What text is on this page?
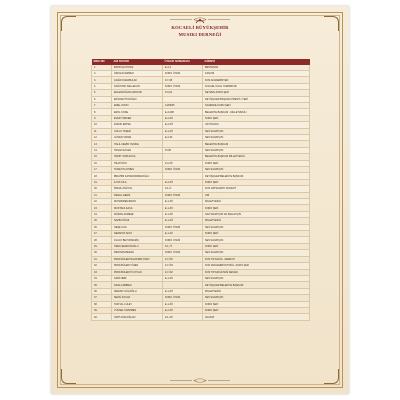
KOCAELİ BÜYÜKŞEHİR
MUSIKI DERNEĞİ
SIRA NO	ADI SOYADI	ÜYELİK NUMARASI	GÖREVİ
1.	BAHRİ ALTINTAŞ	E-2-4	BESTEKAR
2.	ÖZKALIN ERSEN	KORO ÜYESİ	KANUNİ
3.	ÇAĞRI KARABULAK	9-7-08	KOS AKADEMİSYEN
4.	DAĞISTAN KELLECAN	KORO ÜYESİ	KOCAELİ FAAL YARDIMCISI
5.	EKLEDDOĞAN MANTAR	9-3-02	NEYZEN-KORO ŞEFİ
6.	EKİNCEVİT DOĞAN		DEYİŞÇİLER BAŞKANI PRESTİJ YERİ
7.	EMEL AYDIN	14/09/05	SAZENDE-KORO ŞEFİ
8.	EROL KOSE	E-2-098	BELEDİYE BAŞKANI - MİLLETVEKİLİ
9.	EVER TÜRKER	E-2-3Ö	KORO ŞEFİ
10.	FARUK ERTEK	E-2-3Ö	UD HOCASI
11.	GÜLAY TAŞER	E-1-3Ö	SES SANATÇISI
12.	GÜVEN YAPAR	E-2-34	SES SANATÇISI
13.	HALİL KEMİR YENİCE		BELEDİYE BAŞKANI
14.	HASAN EYLEN	P-ÜB	SES SANATÇISI
15.	HAMİT ORDUKAYA		BELEDİYE BAŞKANI MİLLETVEKİLİ
16.	HİLMİ SÖN	9-4-3Ö	KORO ŞEFİ
17.	HÜSEYİN AYMEN	KORO ÜYESİ	SES SANATÇISI
18.	İBRAHİM KAHADORMANOĞLU		DEYİŞÇİLER BELEDİYE BAŞKANI
19.	İLYAS KILA	E-2-3Ö	KORO ŞEFİ
20.	İSMAİL DÜZYOL	9-1-Ö	KOS NATSANATK DOCENT
21.	KEMAL GEDİZ	KORO ÜYESİ	UDİ
22.	MUHARREM ERAN	E-1-3Ö	MİLLETVEKİLİ
23.	MUSTAFA KAÇA	E-1-3Ö	KORO ŞEFİ
24.	MÜRAN AKMEŞE	E-1-3Ö	SAZ SANATÇISI VE İMALATÇISI
25.	NAZİM ÖĞÜZ	E-1-3Ö	MİLLETVEKİLİ
26.	NEŞE CAN	KORO ÜYESİ	SES SANATÇISI
27.	NEZAHAT AKAT	E-1-3Ö	KORO ŞEFİ
28.	OLCAY BEYOKMARİÇ	KORO ÜYESİ	SES SANATÇISI
29.	ÖZEN ŞENKOSOĞLU	9-1-77	KORO ŞEFİ
30.	PERİHAN BERAN	KORO ÜYESİ	SES SANATÇISI
31.	PROF.BÜLENTKALDIRIM ÖNAY	9-7-ÖZ	KOS TIP FAKÜL. CERRAH
32.	PROF.BÜLENT ÖZEN	9-7-ÖS	KOS FEN EDEBİYATI BÖL.-KORO ŞEFİ
33.	PROF.BÜLENTÖ UTKAN	9-7-ÖZ	KOS TIP FAKÜLTESİ DEKANI
34.	SAMİ NEBİ	E-1-3Ö	SES SANATÇISI
35.	SAVA ÇABİREN		DEYİŞÇİLER BELEDİYE BAŞKANI
36.	SERVET GÜÇOĞLU	E-1-3Ö	MİLLETVEKİLİ
37.	SEZAİ KOCAK	KORO ÜYESİ	SES SANATÇISI
38.	TAKİYAL LÜLEY	E-1-3Ö	KORO ŞEFİ
39.	YÜKSEL TAZİZMEN	E-2-3Ö	KORO ŞEFİ
40.	ÜMİT ASICIOĞLAN	9-1-3Ö	AVUKAT
